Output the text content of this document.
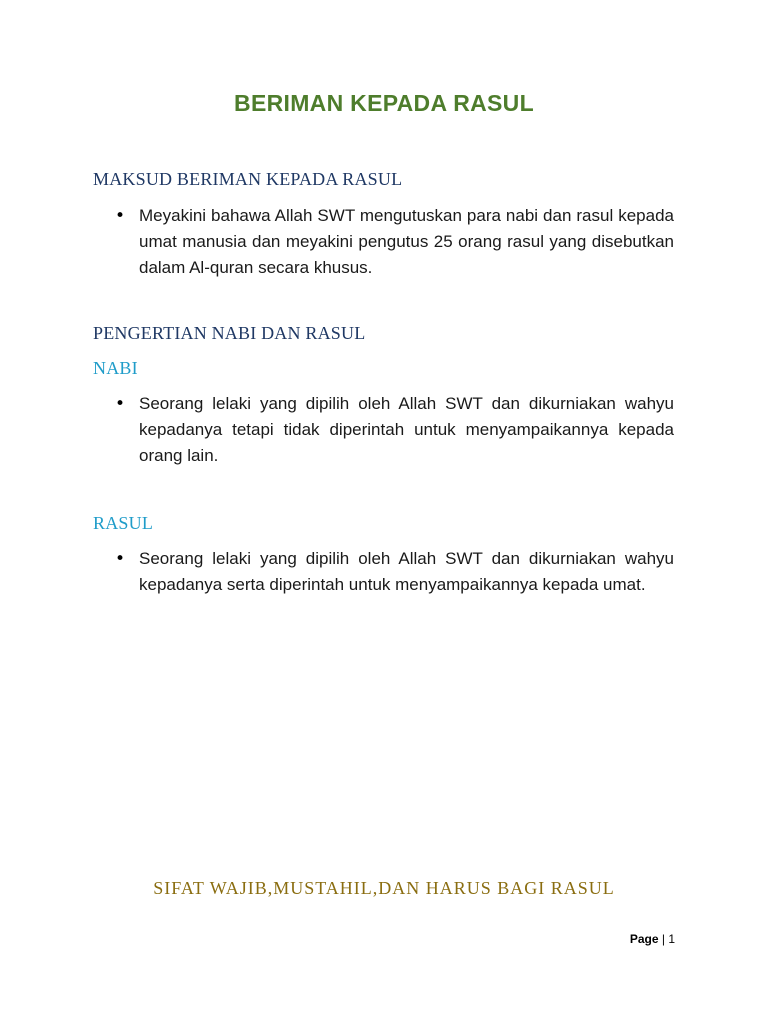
BERIMAN KEPADA RASUL
MAKSUD BERIMAN KEPADA RASUL
• Meyakini bahawa Allah SWT mengutuskan para nabi dan rasul kepada umat manusia dan meyakini pengutus 25 orang rasul yang disebutkan dalam Al-quran secara khusus.
PENGERTIAN NABI DAN RASUL
NABI
• Seorang lelaki yang dipilih oleh Allah SWT dan dikurniakan wahyu kepadanya tetapi tidak diperintah untuk menyampaikannya kepada orang lain.
RASUL
• Seorang lelaki yang dipilih oleh Allah SWT dan dikurniakan wahyu kepadanya serta diperintah untuk menyampaikannya kepada umat.
SIFAT WAJIB,MUSTAHIL,DAN HARUS BAGI RASUL
Page | 1
